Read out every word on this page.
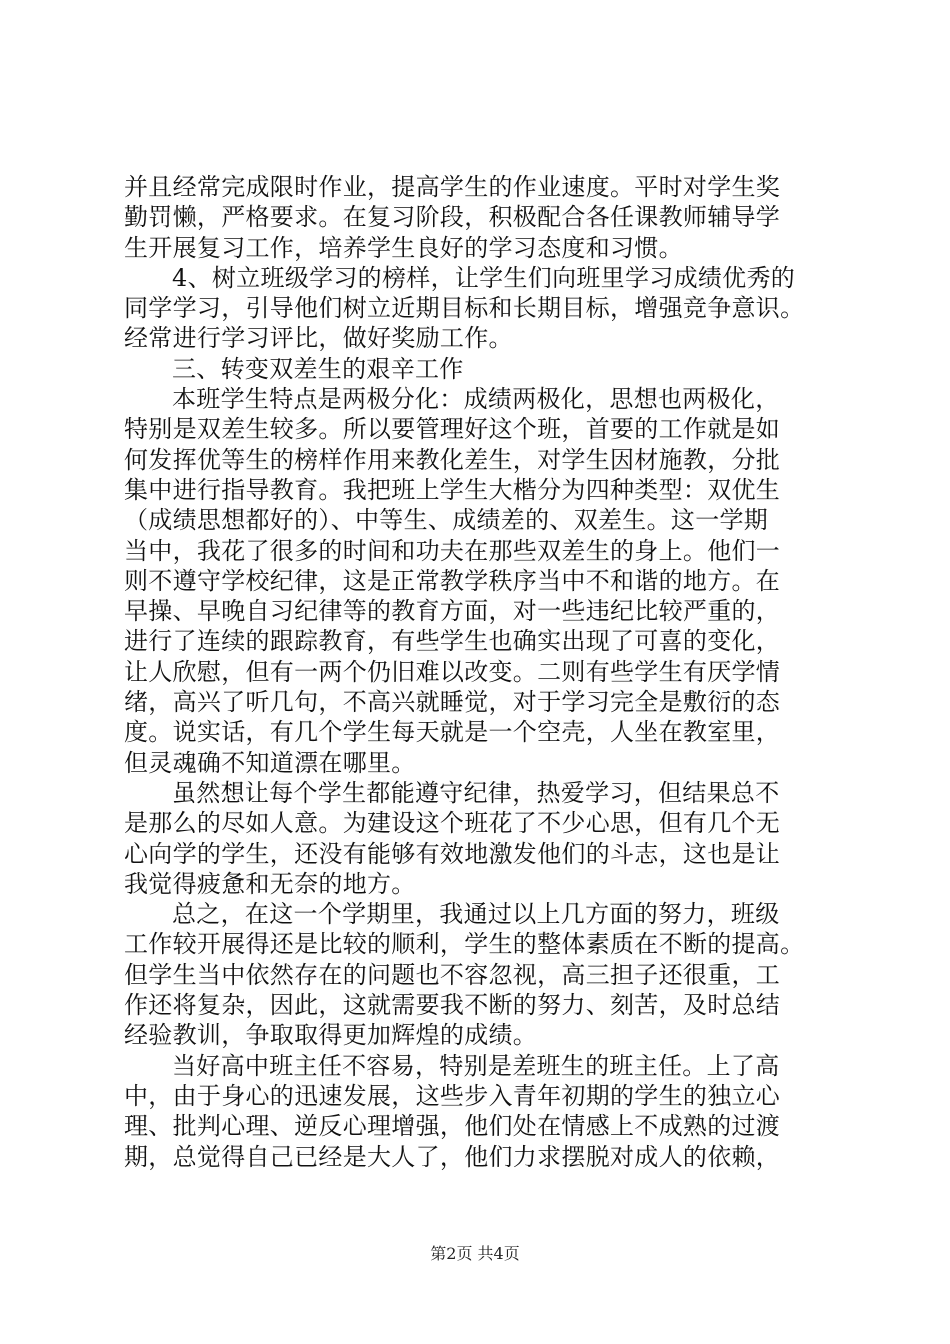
并且经常完成限时作业，提高学生的作业速度。平时对学生奖
勤罚懒，严格要求。在复习阶段，积极配合各任课教师辅导学
生开展复习工作，培养学生良好的学习态度和习惯。
4、树立班级学习的榜样，让学生们向班里学习成绩优秀的
同学学习，引导他们树立近期目标和长期目标，增强竞争意识。
经常进行学习评比，做好奖励工作。
三、转变双差生的艰辛工作
本班学生特点是两极分化：成绩两极化，思想也两极化，
特别是双差生较多。所以要管理好这个班，首要的工作就是如
何发挥优等生的榜样作用来教化差生，对学生因材施教，分批
集中进行指导教育。我把班上学生大楷分为四种类型：双优生
（成绩思想都好的）、中等生、成绩差的、双差生。这一学期
当中，我花了很多的时间和功夫在那些双差生的身上。他们一
则不遵守学校纪律，这是正常教学秩序当中不和谐的地方。在
早操、早晚自习纪律等的教育方面，对一些违纪比较严重的，
进行了连续的跟踪教育，有些学生也确实出现了可喜的变化，
让人欣慰，但有一两个仍旧难以改变。二则有些学生有厌学情
绪，高兴了听几句，不高兴就睡觉，对于学习完全是敷衍的态
度。说实话，有几个学生每天就是一个空壳，人坐在教室里，
但灵魂确不知道漂在哪里。
虽然想让每个学生都能遵守纪律，热爱学习，但结果总不
是那么的尽如人意。为建设这个班花了不少心思，但有几个无
心向学的学生，还没有能够有效地激发他们的斗志，这也是让
我觉得疲惫和无奈的地方。
总之，在这一个学期里，我通过以上几方面的努力，班级
工作较开展得还是比较的顺利，学生的整体素质在不断的提高。
但学生当中依然存在的问题也不容忽视，高三担子还很重，工
作还将复杂，因此，这就需要我不断的努力、刻苦，及时总结
经验教训，争取取得更加辉煌的成绩。
当好高中班主任不容易，特别是差班生的班主任。上了高
中，由于身心的迅速发展，这些步入青年初期的学生的独立心
理、批判心理、逆反心理增强，他们处在情感上不成熟的过渡
期，总觉得自己已经是大人了，他们力求摆脱对成人的依赖，
第2页 共4页
